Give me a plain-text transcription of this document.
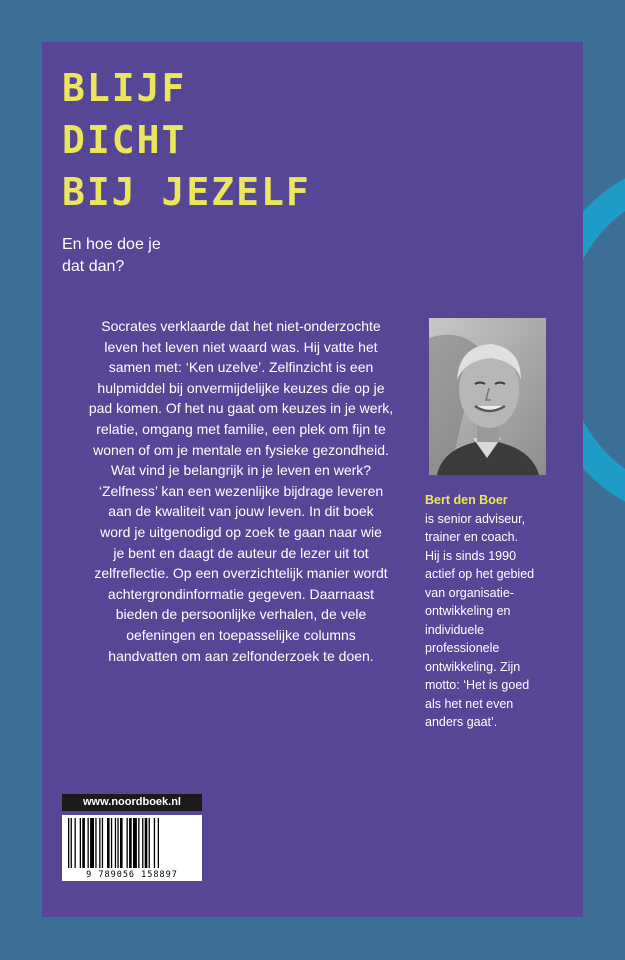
BLIJF
DICHT
BIJ JEZELF
En hoe doe je
dat dan?
Socrates verklaarde dat het niet-onderzochte
leven het leven niet waard was. Hij vatte het
samen met: ‘Ken uzelve’. Zelfinzicht is een
hulpmiddel bij onvermijdelijke keuzes die op je
pad komen. Of het nu gaat om keuzes in je werk,
relatie, omgang met familie, een plek om fijn te
wonen of om je mentale en fysieke gezondheid.
Wat vind je belangrijk in je leven en werk?
‘Zelfness’ kan een wezenlijke bijdrage leveren
aan de kwaliteit van jouw leven. In dit boek
word je uitgenodigd op zoek te gaan naar wie
je bent en daagt de auteur de lezer uit tot
zelfreflectie. Op een overzichtelijk manier wordt
achtergrondinformatie gegeven. Daarnaast
bieden de persoonlijke verhalen, de vele
oefeningen en toepasselijke columns
handvatten om aan zelfonderzoek te doen.
Bert den Boer
is senior adviseur,
trainer en coach.
Hij is sinds 1990
actief op het gebied
van organisatie-
ontwikkeling en
individuele
professionele
ontwikkeling. Zijn
motto: ‘Het is goed
als het net even
anders gaat’.
www.noordboek.nl
9 789056 158897
